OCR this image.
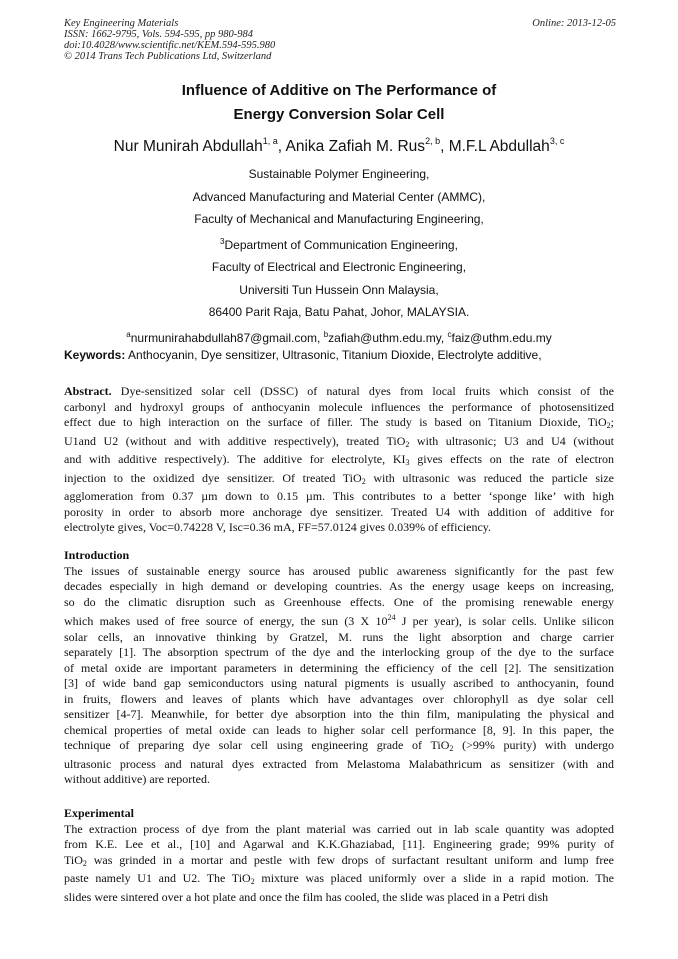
Key Engineering Materials
ISSN: 1662-9795, Vols. 594-595, pp 980-984
doi:10.4028/www.scientific.net/KEM.594-595.980
© 2014 Trans Tech Publications Ltd, Switzerland
Online: 2013-12-05
Influence of Additive on The Performance of
Energy Conversion Solar Cell
Nur Munirah Abdullah$^{1, a}$, Anika Zafiah M. Rus$^{2, b}$, M.F.L Abdullah$^{3, c}$
Sustainable Polymer Engineering,
Advanced Manufacturing and Material Center (AMMC),
Faculty of Mechanical and Manufacturing Engineering,
$^3$Department of Communication Engineering,
Faculty of Electrical and Electronic Engineering,
Universiti Tun Hussein Onn Malaysia,
86400 Parit Raja, Batu Pahat, Johor, MALAYSIA.
$^a$nurmunirahabdullah87@gmail.com, $^b$zafiah@uthm.edu.my, $^c$faiz@uthm.edu.my
Keywords: Anthocyanin, Dye sensitizer, Ultrasonic, Titanium Dioxide, Electrolyte additive,
Abstract. Dye-sensitized solar cell (DSSC) of natural dyes from local fruits which consist of the
carbonyl and hydroxyl groups of anthocyanin molecule influences the performance of photosensitized
effect due to high interaction on the surface of filler. The study is based on Titanium Dioxide, TiO$_2$;
U1and U2 (without and with additive respectively), treated TiO$_2$ with ultrasonic; U3 and U4 (without
and with additive respectively). The additive for electrolyte, $KI_3$ gives effects on the rate of electron
injection to the oxidized dye sensitizer. Of treated TiO$_2$ with ultrasonic was reduced the particle size
agglomeration from 0.37 µm down to 0.15 µm. This contributes to a better ‘sponge like’ with high
porosity in order to absorb more anchorage dye sensitizer. Treated U4 with addition of additive for
electrolyte gives, Voc=0.74228 V, Isc=0.36 mA, FF=57.0124 gives 0.039% of efficiency.
Introduction
The issues of sustainable energy source has aroused public awareness significantly for the past few
decades especially in high demand or developing countries. As the energy usage keeps on increasing,
so do the climatic disruption such as Greenhouse effects. One of the promising renewable energy
which makes used of free source of energy, the sun (3 X $10^{24}$ J per year), is solar cells. Unlike silicon
solar cells, an innovative thinking by Gratzel, M. runs the light absorption and charge carrier
separately [1]. The absorption spectrum of the dye and the interlocking group of the dye to the surface
of metal oxide are important parameters in determining the efficiency of the cell [2]. The sensitization
[3] of wide band gap semiconductors using natural pigments is usually ascribed to anthocyanin, found
in fruits, flowers and leaves of plants which have advantages over chlorophyll as dye solar cell
sensitizer [4-7]. Meanwhile, for better dye absorption into the thin film, manipulating the physical and
chemical properties of metal oxide can leads to higher solar cell performance [8, 9]. In this paper, the
technique of preparing dye solar cell using engineering grade of TiO$_2$ (>99% purity) with undergo
ultrasonic process and natural dyes extracted from Melastoma Malabathricum as sensitizer (with and
without additive) are reported.
Experimental
The extraction process of dye from the plant material was carried out in lab scale quantity was adopted
from K.E. Lee et al., [10] and Agarwal and K.K.Ghaziabad, [11]. Engineering grade; 99% purity of
TiO$_2$ was grinded in a mortar and pestle with few drops of surfactant resultant uniform and lump free
paste namely U1 and U2. The TiO$_2$ mixture was placed uniformly over a slide in a rapid motion. The
slides were sintered over a hot plate and once the film has cooled, the slide was placed in a Petri dish
